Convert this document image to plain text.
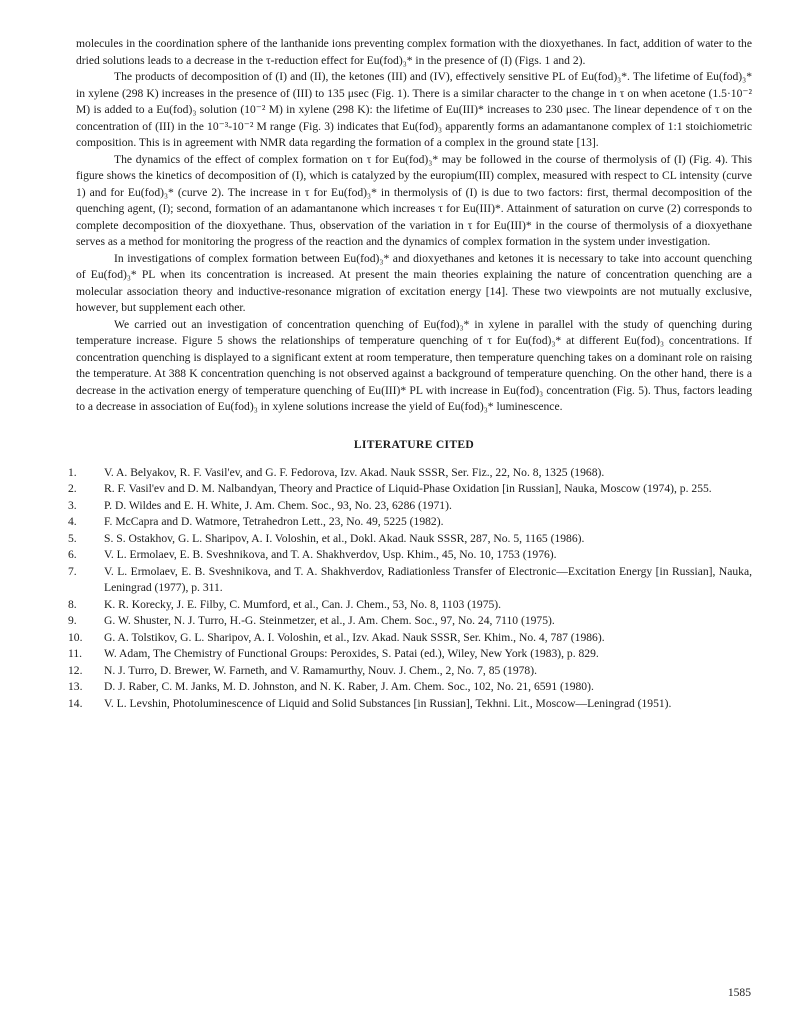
molecules in the coordination sphere of the lanthanide ions preventing complex formation with the dioxyethanes. In fact, addition of water to the dried solutions leads to a decrease in the τ-reduction effect for Eu(fod)₃* in the presence of (I) (Figs. 1 and 2).

The products of decomposition of (I) and (II), the ketones (III) and (IV), effectively sensitive PL of Eu(fod)₃*. The lifetime of Eu(fod)₃* in xylene (298 K) increases in the presence of (III) to 135 μsec (Fig. 1). There is a similar character to the change in τ on when acetone (1.5·10⁻² M) is added to a Eu(fod)₃ solution (10⁻² M) in xylene (298 K): the lifetime of Eu(III)* increases to 230 μsec. The linear dependence of τ on the concentration of (III) in the 10⁻³-10⁻² M range (Fig. 3) indicates that Eu(fod)₃ apparently forms an adamantanone complex of 1:1 stoichiometric composition. This is in agreement with NMR data regarding the formation of a complex in the ground state [13].

The dynamics of the effect of complex formation on τ for Eu(fod)₃* may be followed in the course of thermolysis of (I) (Fig. 4). This figure shows the kinetics of decomposition of (I), which is catalyzed by the europium(III) complex, measured with respect to CL intensity (curve 1) and for Eu(fod)₃* (curve 2). The increase in τ for Eu(fod)₃* in thermolysis of (I) is due to two factors: first, thermal decomposition of the quenching agent, (I); second, formation of an adamantanone which increases τ for Eu(III)*. Attainment of saturation on curve (2) corresponds to complete decomposition of the dioxyethane. Thus, observation of the variation in τ for Eu(III)* in the course of thermolysis of a dioxyethane serves as a method for monitoring the progress of the reaction and the dynamics of complex formation in the system under investigation.

In investigations of complex formation between Eu(fod)₃* and dioxyethanes and ketones it is necessary to take into account quenching of Eu(fod)₃* PL when its concentration is increased. At present the main theories explaining the nature of concentration quenching are a molecular association theory and inductive-resonance migration of excitation energy [14]. These two viewpoints are not mutually exclusive, however, but supplement each other.

We carried out an investigation of concentration quenching of Eu(fod)₃* in xylene in parallel with the study of quenching during temperature increase. Figure 5 shows the relationships of temperature quenching of τ for Eu(fod)₃* at different Eu(fod)₃ concentrations. If concentration quenching is displayed to a significant extent at room temperature, then temperature quenching takes on a dominant role on raising the temperature. At 388 K concentration quenching is not observed against a background of temperature quenching. On the other hand, there is a decrease in the activation energy of temperature quenching of Eu(III)* PL with increase in Eu(fod)₃ concentration (Fig. 5). Thus, factors leading to a decrease in association of Eu(fod)₃ in xylene solutions increase the yield of Eu(fod)₃* luminescence.

LITERATURE CITED
1.	V. A. Belyakov, R. F. Vasil'ev, and G. F. Fedorova, Izv. Akad. Nauk SSSR, Ser. Fiz., 22, No. 8, 1325 (1968).
2.	R. F. Vasil'ev and D. M. Nalbandyan, Theory and Practice of Liquid-Phase Oxidation [in Russian], Nauka, Moscow (1974), p. 255.
3.	P. D. Wildes and E. H. White, J. Am. Chem. Soc., 93, No. 23, 6286 (1971).
4.	F. McCapra and D. Watmore, Tetrahedron Lett., 23, No. 49, 5225 (1982).
5.	S. S. Ostakhov, G. L. Sharipov, A. I. Voloshin, et al., Dokl. Akad. Nauk SSSR, 287, No. 5, 1165 (1986).
6.	V. L. Ermolaev, E. B. Sveshnikova, and T. A. Shakhverdov, Usp. Khim., 45, No. 10, 1753 (1976).
7.	V. L. Ermolaev, E. B. Sveshnikova, and T. A. Shakhverdov, Radiationless Transfer of Electronic—Excitation Energy [in Russian], Nauka, Leningrad (1977), p. 311.
8.	K. R. Korecky, J. E. Filby, C. Mumford, et al., Can. J. Chem., 53, No. 8, 1103 (1975).
9.	G. W. Shuster, N. J. Turro, H.-G. Steinmetzer, et al., J. Am. Chem. Soc., 97, No. 24, 7110 (1975).
10.	G. A. Tolstikov, G. L. Sharipov, A. I. Voloshin, et al., Izv. Akad. Nauk SSSR, Ser. Khim., No. 4, 787 (1986).
11.	W. Adam, The Chemistry of Functional Groups: Peroxides, S. Patai (ed.), Wiley, New York (1983), p. 829.
12.	N. J. Turro, D. Brewer, W. Farneth, and V. Ramamurthy, Nouv. J. Chem., 2, No. 7, 85 (1978).
13.	D. J. Raber, C. M. Janks, M. D. Johnston, and N. K. Raber, J. Am. Chem. Soc., 102, No. 21, 6591 (1980).
14.	V. L. Levshin, Photoluminescence of Liquid and Solid Substances [in Russian], Tekhni. Lit., Moscow—Leningrad (1951).
1585
